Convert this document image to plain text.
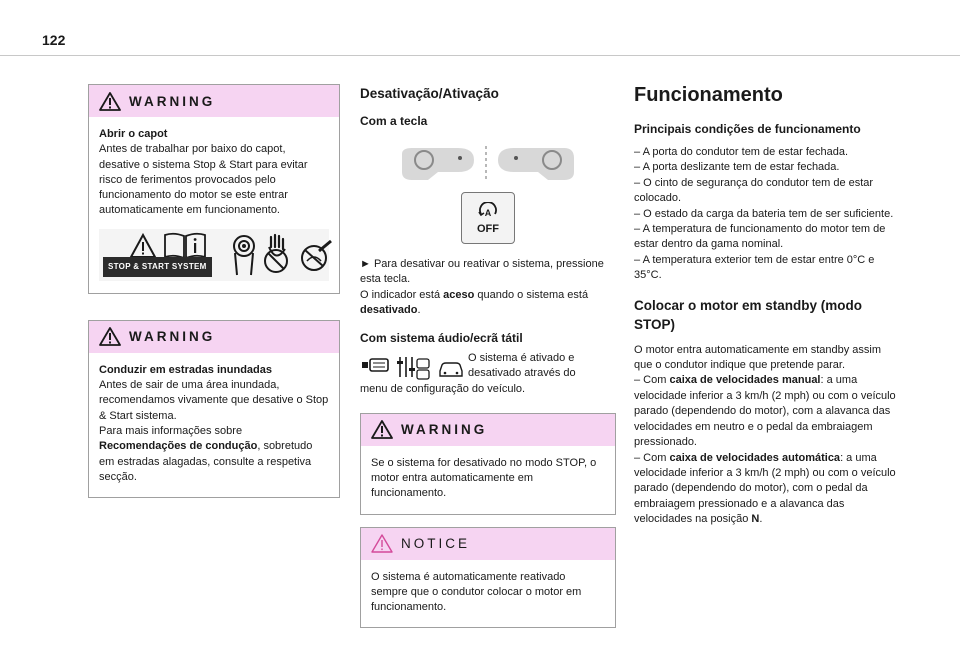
122
WARNING
Abrir o capot
Antes de trabalhar por baixo do capot, desative o sistema Stop & Start para evitar risco de ferimentos provocados pelo funcionamento do motor se este entrar automaticamente em funcionamento.
STOP & START SYSTEM
WARNING
Conduzir em estradas inundadas
Antes de sair de uma área inundada, recomendamos vivamente que desative o Stop & Start sistema.
Para mais informações sobre Recomendações de condução, sobretudo em estradas alagadas, consulte a respetiva secção.
Desativação/Ativação
Com a tecla
A
OFF

► Para desativar ou reativar o sistema, pressione esta tecla.

O indicador está aceso quando o sistema está desativado.

Com sistema áudio/ecrã tátil
O sistema é ativado e desativado através do
menu de configuração do veículo.
WARNING
Se o sistema for desativado no modo STOP, o motor entra automaticamente em funcionamento.
NOTICE
O sistema é automaticamente reativado sempre que o condutor colocar o motor em funcionamento.
Funcionamento
Principais condições de funcionamento

– A porta do condutor tem de estar fechada.

– A porta deslizante tem de estar fechada.

– O cinto de segurança do condutor tem de estar colocado.

– O estado da carga da bateria tem de ser suficiente.

– A temperatura de funcionamento do motor tem de estar dentro da gama nominal.

– A temperatura exterior tem de estar entre 0°C e 35°C.

Colocar o motor em standby (modo STOP)

O motor entra automaticamente em standby assim que o condutor indique que pretende parar.

– Com caixa de velocidades manual: a uma velocidade inferior a 3 km/h (2 mph) ou com o veículo parado (dependendo do motor), com a alavanca das velocidades em neutro e o pedal da embraiagem pressionado.

– Com caixa de velocidades automática: a uma velocidade inferior a 3 km/h (2 mph) ou com o veículo parado (dependendo do motor), com o pedal da embraiagem pressionado e a alavanca das velocidades na posição N.
